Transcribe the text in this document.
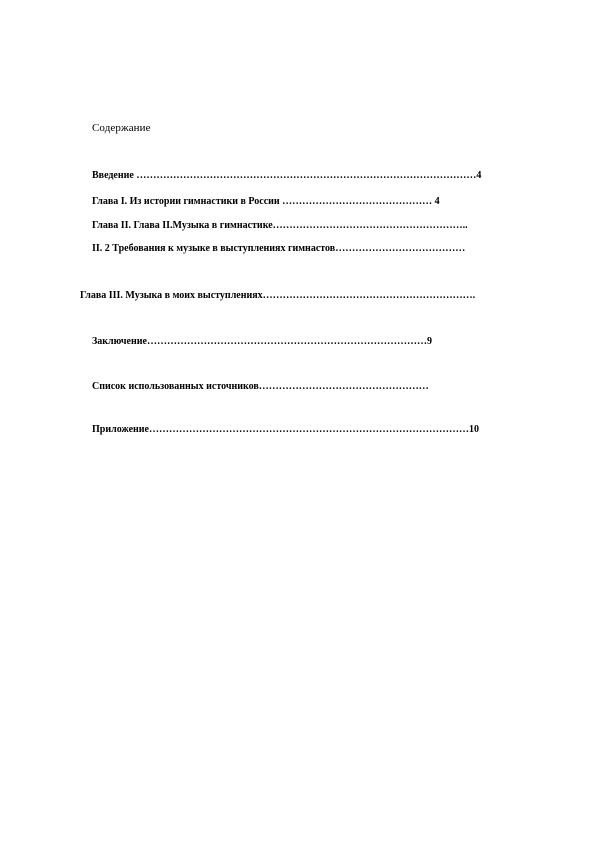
Содержание
Введение …………………………………………………………………………………………4
Глава I. Из истории гимнастики в России ……………………………………… 4
Глава II. Глава II.Музыка в гимнастике…………………………………………………..
II. 2 Требования к музыке в выступлениях гимнастов…………………………………
Глава III. Музыка в моих выступлениях……………………………………………………….
Заключение…………………………………………………………………………9
Список использованных источников……………………………………………
Приложение……………………………………………………………………………………10
